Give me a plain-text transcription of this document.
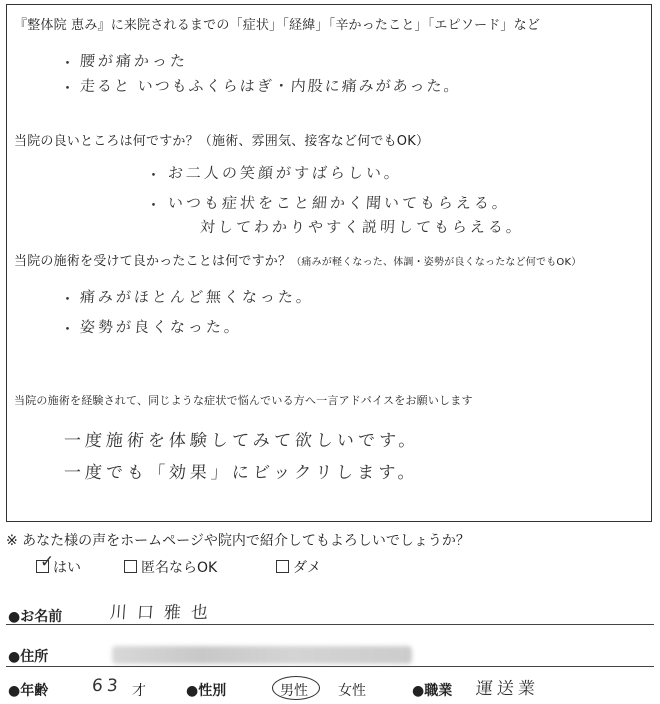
『整体院 恵み』に来院されるまでの「症状」「経緯」「辛かったこと」「エピソード」など
・ 腰が痛かった
・ 走ると いつもふくらはぎ・内股に痛みがあった。
当院の良いところは何ですか？（施術、雰囲気、接客など何でもOK）
・ お二人の笑顔がすばらしい。
・ いつも症状をこと細かく聞いてもらえる。
対してわかりやすく説明してもらえる。
当院の施術を受けて良かったことは何ですか？（痛みが軽くなった、体調・姿勢が良くなったなど何でもOK）
・ 痛みがほとんど無くなった。
・ 姿勢が良くなった。
当院の施術を経験されて、同じような症状で悩んでいる方へ一言アドバイスをお願いします
一度施術を体験してみて欲しいです。
一度でも「効果」にビックリします。
※ あなた様の声をホームページや院内で紹介してもよろしいでしょうか？
はい
✓	匿名ならOK	ダメ
●お名前	川口雅也
●住所
●年齢	63 才	●性別	男性 女性	●職業 運送業
